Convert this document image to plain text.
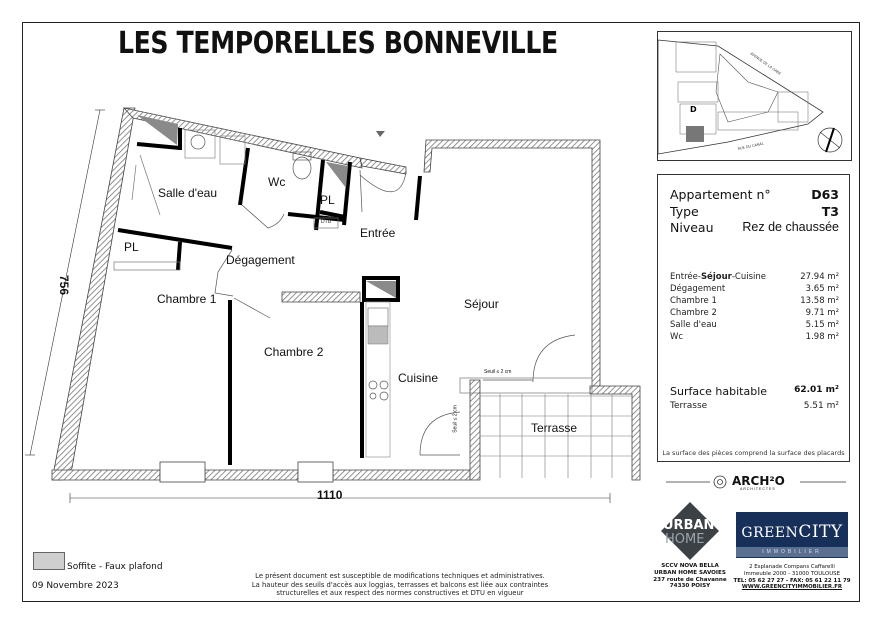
LES TEMPORELLES BONNEVILLE
Salle d'eau
Wc
PL
PL
Entrée
Dégagement
Chambre 1
Chambre 2
Séjour
Cuisine
Terrasse
Seuil ≤ 2 cm
Seuil ≤ 2 cm
DTU
756
1110
D
AVENUE DE LA GARE
RUE DU CANAL
Appartement n°	D63
Type	T3
Niveau Rez de chaussée
Entrée-Séjour-Cuisine	27.94 m²
Dégagement	3.65 m²
Chambre 1	13.58 m²
Chambre 2	9.71 m²
Salle d'eau	5.15 m²
Wc	1.98 m²
Surface habitable	62.01 m²
Terrasse	5.51 m²
La surface des pièces comprend la surface des placards
Soffite - Faux plafond
09 Novembre 2023
Le présent document est susceptible de modifications techniques et administratives.
La hauteur des seuils d'accès aux loggias, terrasses et balcons est liée aux contraintes
structurelles et aux respect des normes constructives et DTU en vigueur
ARCH²O
ARCHITECTES
URBAN
HOME
SCCV NOVA BELLA
URBAN HOME SAVOIES
237 route de Chavanne
74330 POISY
GREENCITY
IMMOBILIER
2 Esplanade Compans Caffarelli
Immeuble 2000 - 31000 TOULOUSE
TEL: 05 62 27 27 - FAX: 05 61 22 11 79
WWW.GREENCITYIMMOBILIER.FR
